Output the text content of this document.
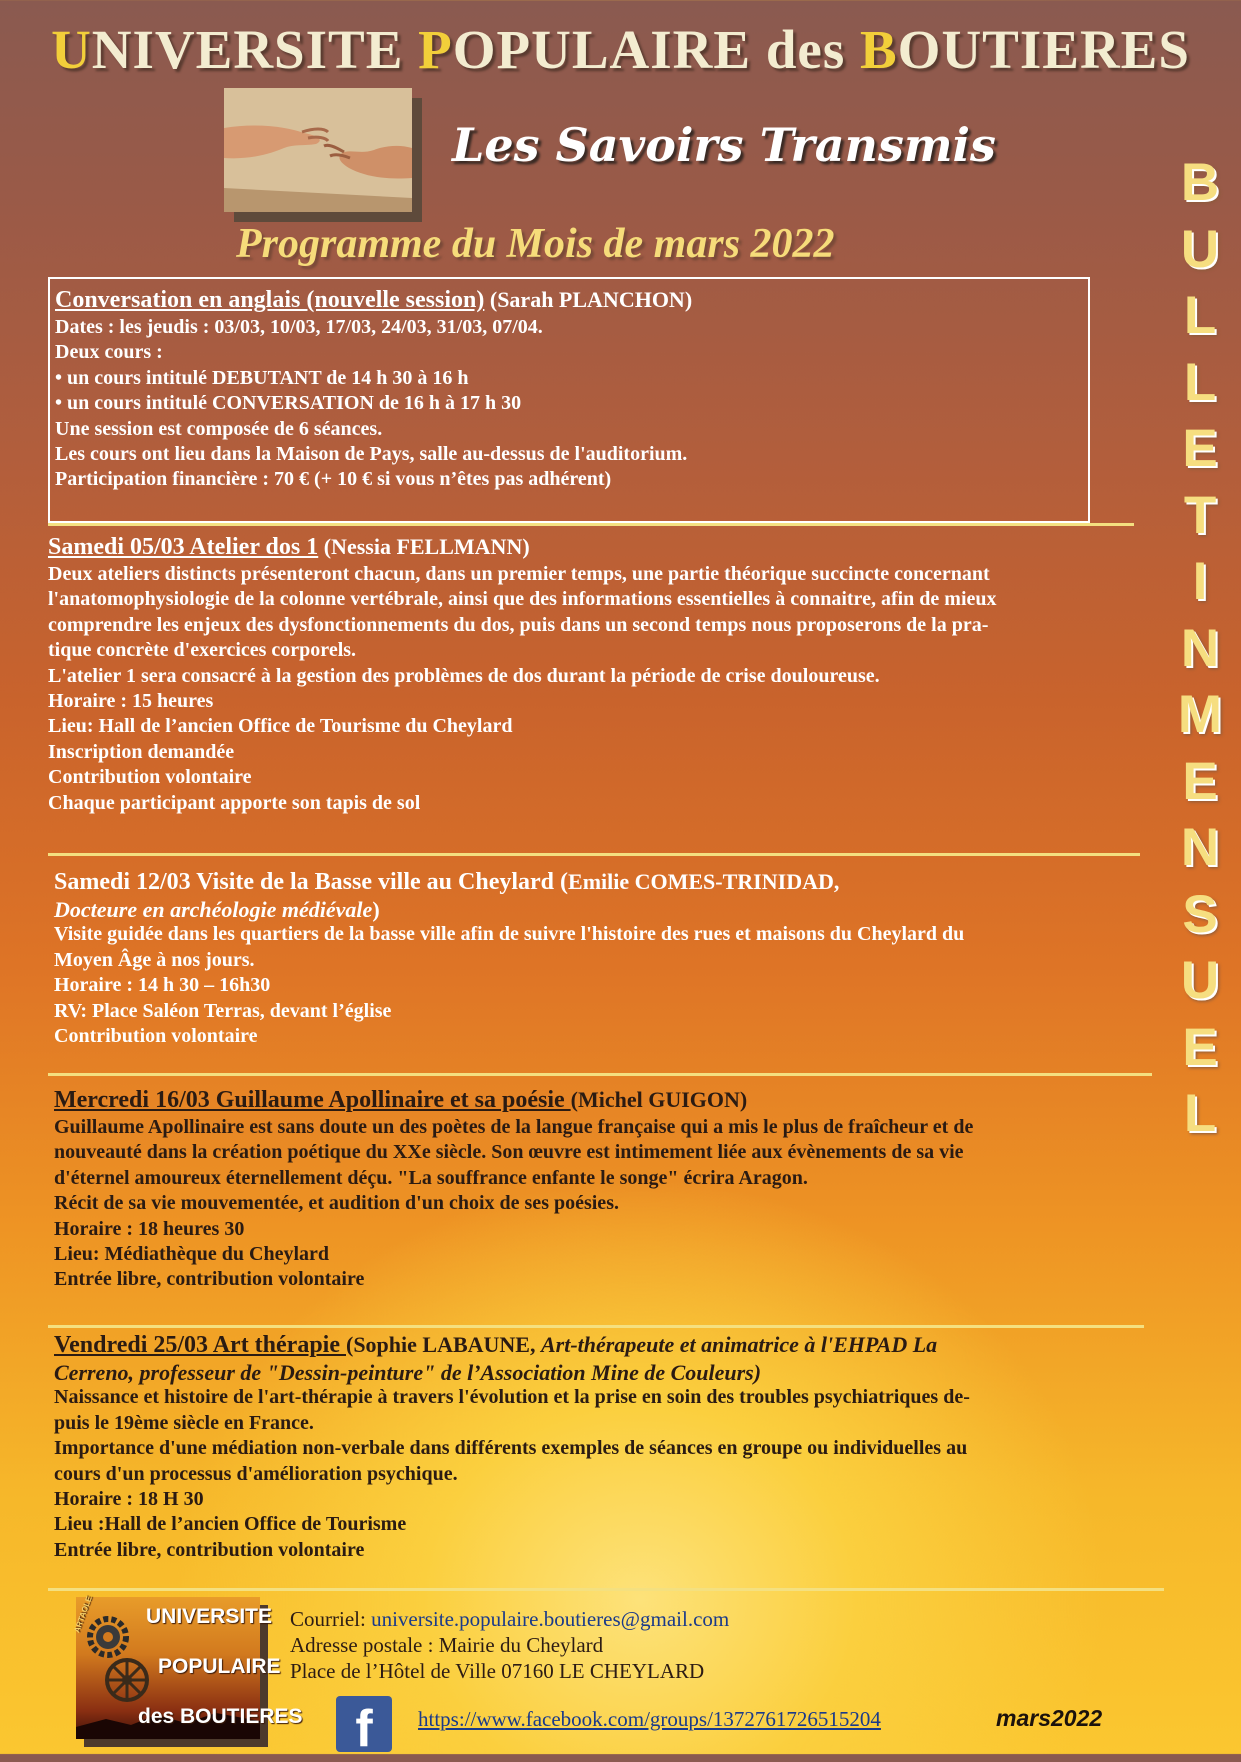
UNIVERSITE POPULAIRE des BOUTIERES
Les Savoirs Transmis
Programme du Mois de mars 2022
B
U
L
L
E
T
I
N
M
E
N
S
U
E
L

Conversation en anglais (nouvelle session) (Sarah PLANCHON)

Dates : les jeudis : 03/03, 10/03, 17/03, 24/03, 31/03, 07/04.

Deux cours :

• un cours intitulé DEBUTANT de 14 h 30 à 16 h

• un cours intitulé CONVERSATION de 16 h à 17 h 30

Une session est composée de 6 séances.

Les cours ont lieu dans la Maison de Pays, salle au-dessus de l'auditorium.

Participation financière : 70 € (+ 10 € si vous n’êtes pas adhérent)

Samedi 05/03 Atelier dos 1 (Nessia FELLMANN)

Deux ateliers distincts présenteront chacun, dans un premier temps, une partie théorique succincte concernant

l'anatomophysiologie de la colonne vertébrale, ainsi que des informations essentielles à connaitre, afin de mieux

comprendre les enjeux des dysfonctionnements du dos, puis dans un second temps nous proposerons de la pra-

tique concrète d'exercices corporels.

L'atelier 1 sera consacré à la gestion des problèmes de dos durant la période de crise douloureuse.

Horaire : 15 heures

Lieu: Hall de l’ancien Office de Tourisme du Cheylard

Inscription demandée

Contribution volontaire

Chaque participant apporte son tapis de sol

Samedi 12/03 Visite de la Basse ville au Cheylard (Emilie COMES-TRINIDAD,

Docteure en archéologie médiévale)

Visite guidée dans les quartiers de la basse ville afin de suivre l'histoire des rues et maisons du Cheylard du

Moyen Âge à nos jours.

Horaire : 14 h 30 – 16h30

RV: Place Saléon Terras, devant l’église

Contribution volontaire

Mercredi 16/03 Guillaume Apollinaire et sa poésie (Michel GUIGON)

Guillaume Apollinaire est sans doute un des poètes de la langue française qui a mis le plus de fraîcheur et de

nouveauté dans la création poétique du XXe siècle. Son œuvre est intimement liée aux évènements de sa vie

d'éternel amoureux éternellement déçu. "La souffrance enfante le songe" écrira Aragon.

Récit de sa vie mouvementée, et audition d'un choix de ses poésies.

Horaire : 18 heures 30

Lieu: Médiathèque du Cheylard

Entrée libre, contribution volontaire

Vendredi 25/03 Art thérapie (Sophie LABAUNE, Art-thérapeute et animatrice à l'EHPAD La

Cerreno, professeur de "Dessin-peinture" de l’Association Mine de Couleurs)

Naissance et histoire de l'art-thérapie à travers l'évolution et la prise en soin des troubles psychiatriques de-

puis le 19ème siècle en France.

Importance d'une médiation non-verbale dans différents exemples de séances en groupe ou individuelles au

cours d'un processus d'amélioration psychique.

Horaire : 18 H 30

Lieu :Hall de l’ancien Office de Tourisme

Entrée libre, contribution volontaire

ARTAOLE UNIVERSITE
POPULAIRE
des BOUTIERES

Courriel: universite.populaire.boutieres@gmail.com

Adresse postale : Mairie du Cheylard

Place de l’Hôtel de Ville 07160 LE CHEYLARD

f	https://www.facebook.com/groups/1372761726515204	mars2022
